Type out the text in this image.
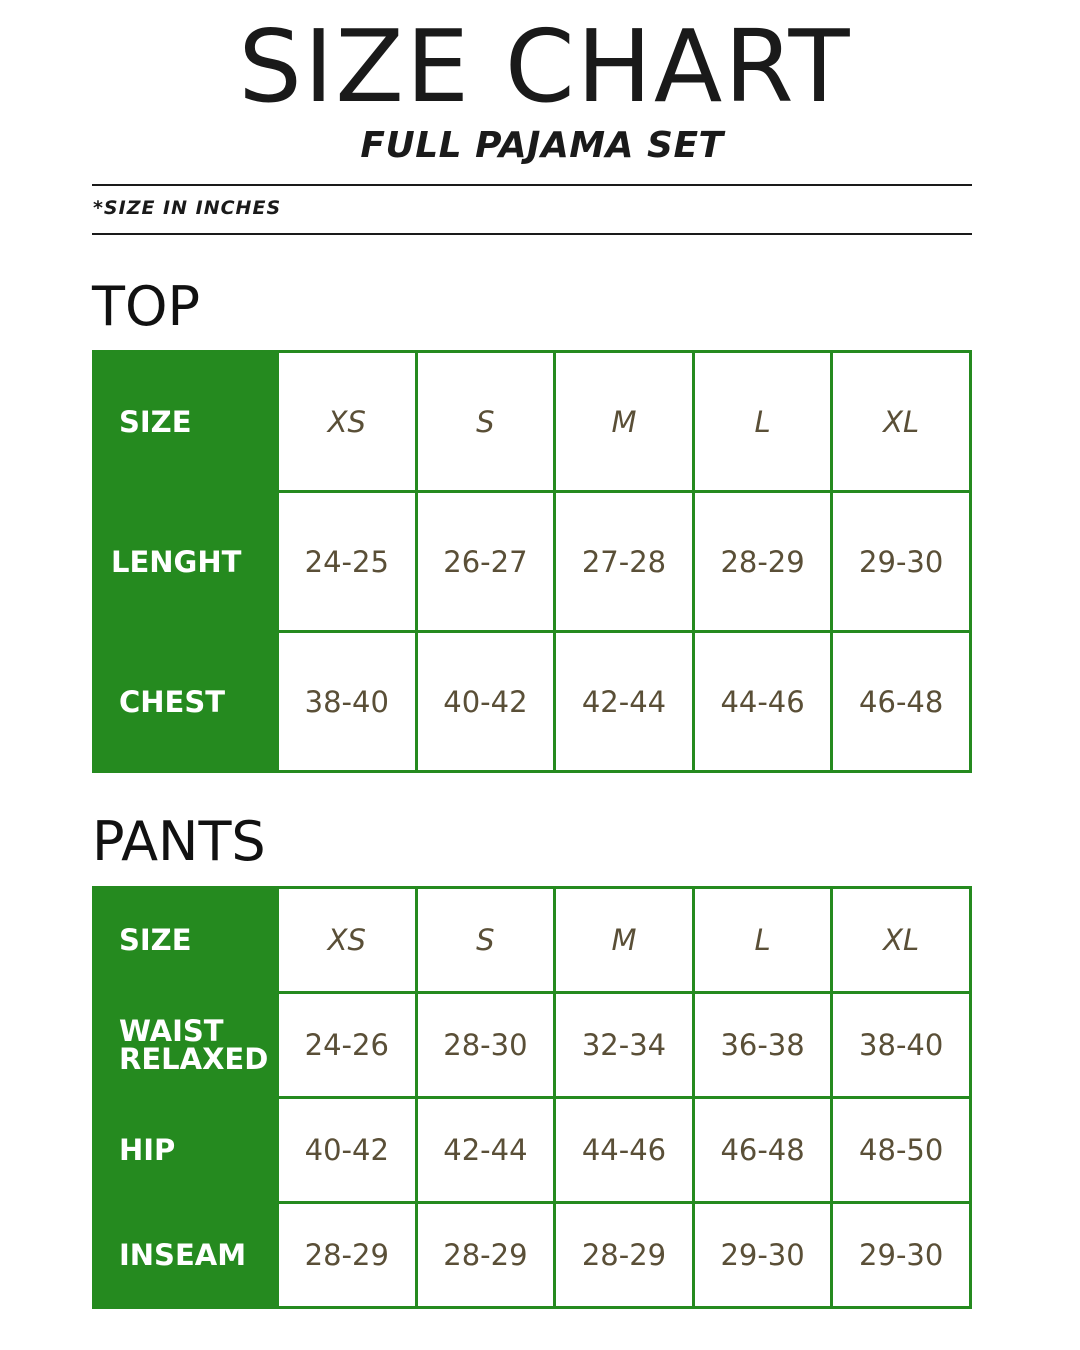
SIZE CHART
FULL PAJAMA SET
*SIZE IN INCHES
TOP
SIZE	XS	S	M	L	XL
LENGHT	24-25	26-27	27-28	28-29	29-30
CHEST	38-40	40-42	42-44	44-46	46-48
PANTS
SIZE	XS	S	M	L	XL
WAIST RELAXED	24-26	28-30	32-34	36-38	38-40
HIP	40-42	42-44	44-46	46-48	48-50
INSEAM	28-29	28-29	28-29	29-30	29-30
